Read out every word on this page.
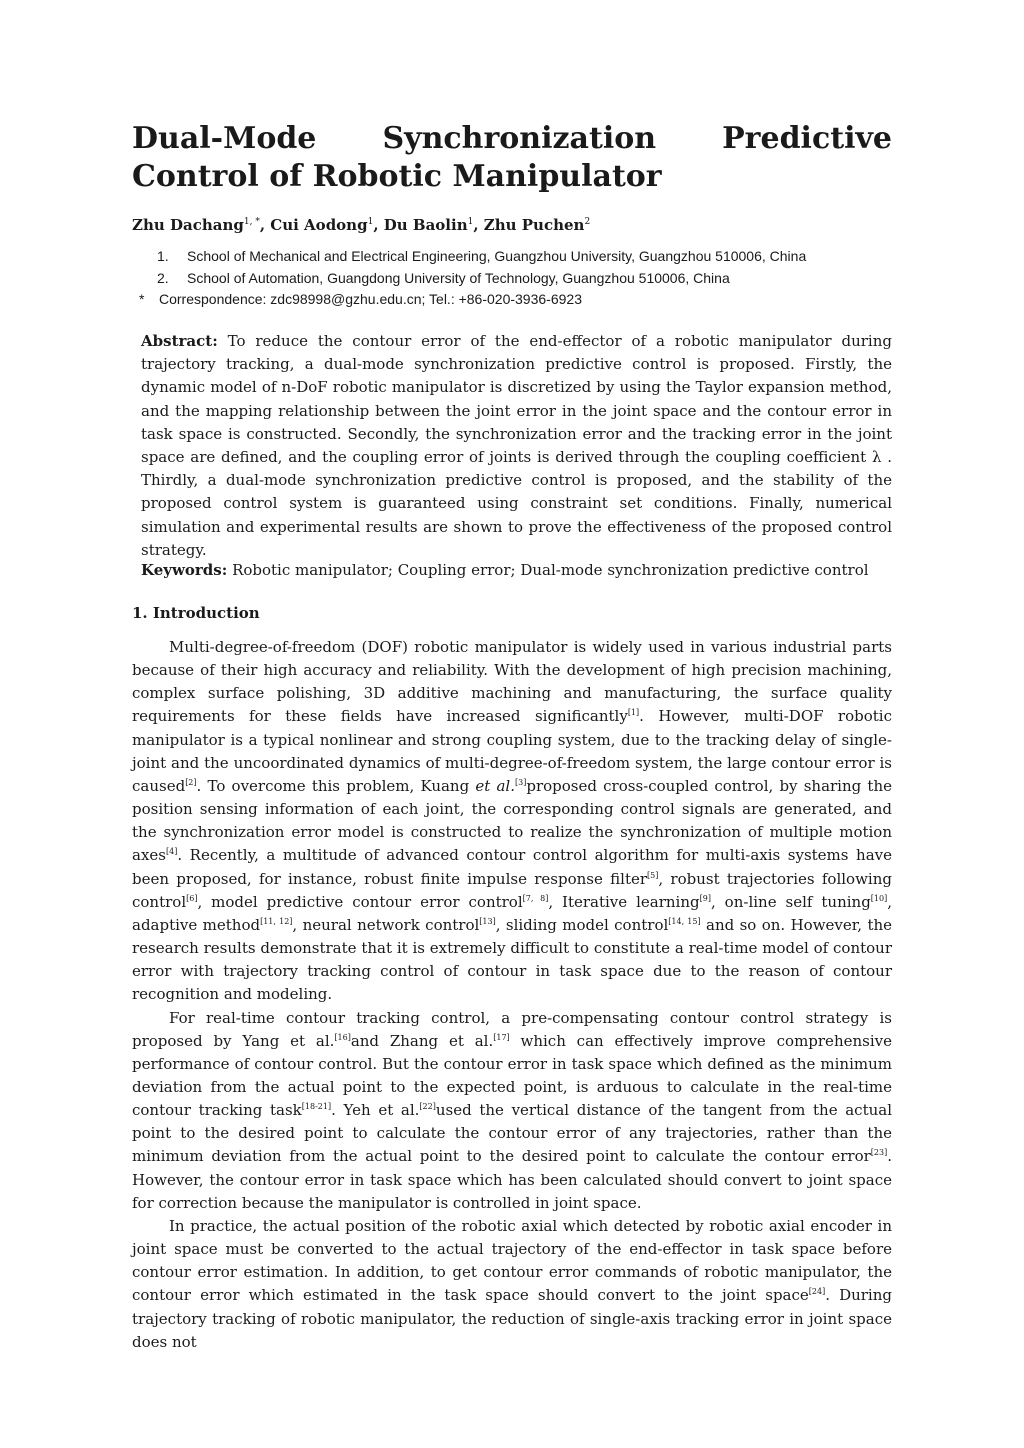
Dual-Mode Synchronization Predictive Control of Robotic Manipulator

Zhu Dachang$^{1, *}$, Cui Aodong$^1$, Du Baolin$^1$, Zhu Puchen$^2$

1.	School of Mechanical and Electrical Engineering, Guangzhou University, Guangzhou 510006, China
2.	School of Automation, Guangdong University of Technology, Guangzhou 510006, China
*	Correspondence: zdc98998@gzhu.edu.cn; Tel.: +86-020-3936-6923

Abstract: To reduce the contour error of the end-effector of a robotic manipulator during trajectory tracking, a dual-mode synchronization predictive control is proposed. Firstly, the dynamic model of n-DoF robotic manipulator is discretized by using the Taylor expansion method, and the mapping relationship between the joint error in the joint space and the contour error in task space is constructed. Secondly, the synchronization error and the tracking error in the joint space are defined, and the coupling error of joints is derived through the coupling coefficient λ . Thirdly, a dual-mode synchronization predictive control is proposed, and the stability of the proposed control system is guaranteed using constraint set conditions. Finally, numerical simulation and experimental results are shown to prove the effectiveness of the proposed control strategy.

Keywords: Robotic manipulator; Coupling error; Dual-mode synchronization predictive control

1. Introduction

Multi-degree-of-freedom (DOF) robotic manipulator is widely used in various industrial parts because of their high accuracy and reliability. With the development of high precision machining, complex surface polishing, 3D additive machining and manufacturing, the surface quality requirements for these fields have increased significantly[1]. However, multi-DOF robotic manipulator is a typical nonlinear and strong coupling system, due to the tracking delay of single-joint and the uncoordinated dynamics of multi-degree-of-freedom system, the large contour error is caused[2]. To overcome this problem, Kuang et al.[3]proposed cross-coupled control, by sharing the position sensing information of each joint, the corresponding control signals are generated, and the synchronization error model is constructed to realize the synchronization of multiple motion axes[4]. Recently, a multitude of advanced contour control algorithm for multi-axis systems have been proposed, for instance, robust finite impulse response filter[5], robust trajectories following control[6], model predictive contour error control[7, 8], Iterative learning[9], on-line self tuning[10], adaptive method[11, 12], neural network control[13], sliding model control[14, 15] and so on. However, the research results demonstrate that it is extremely difficult to constitute a real-time model of contour error with trajectory tracking control of contour in task space due to the reason of contour recognition and modeling.

For real-time contour tracking control, a pre-compensating contour control strategy is proposed by Yang et al.[16]and Zhang et al.[17] which can effectively improve comprehensive performance of contour control. But the contour error in task space which defined as the minimum deviation from the actual point to the expected point, is arduous to calculate in the real-time contour tracking task[18-21]. Yeh et al.[22]used the vertical distance of the tangent from the actual point to the desired point to calculate the contour error of any trajectories, rather than the minimum deviation from the actual point to the desired point to calculate the contour error[23]. However, the contour error in task space which has been calculated should convert to joint space for correction because the manipulator is controlled in joint space.

In practice, the actual position of the robotic axial which detected by robotic axial encoder in joint space must be converted to the actual trajectory of the end-effector in task space before contour error estimation. In addition, to get contour error commands of robotic manipulator, the contour error which estimated in the task space should convert to the joint space[24]. During trajectory tracking of robotic manipulator, the reduction of single-axis tracking error in joint space does not
